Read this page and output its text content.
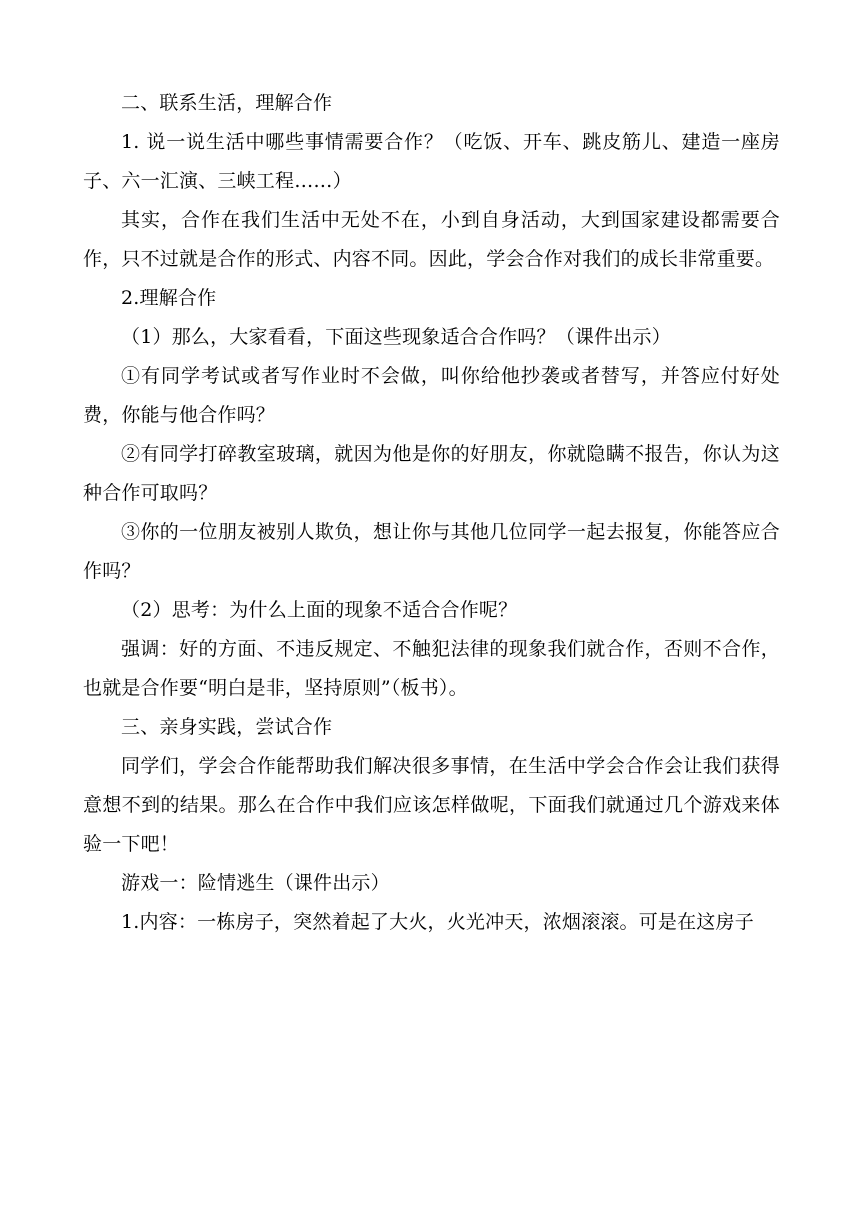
二、联系生活，理解合作

1. 说一说生活中哪些事情需要合作？（吃饭、开车、跳皮筋儿、建造一座房子、六一汇演、三峡工程……）

其实，合作在我们生活中无处不在，小到自身活动，大到国家建设都需要合作，只不过就是合作的形式、内容不同。因此，学会合作对我们的成长非常重要。

2.理解合作

（1）那么，大家看看，下面这些现象适合合作吗？（课件出示）

①有同学考试或者写作业时不会做，叫你给他抄袭或者替写，并答应付好处费，你能与他合作吗？

②有同学打碎教室玻璃，就因为他是你的好朋友，你就隐瞒不报告，你认为这种合作可取吗？

③你的一位朋友被别人欺负，想让你与其他几位同学一起去报复，你能答应合作吗？

（2）思考：为什么上面的现象不适合合作呢？

强调：好的方面、不违反规定、不触犯法律的现象我们就合作，否则不合作，也就是合作要“明白是非，坚持原则”（板书）。

三、亲身实践，尝试合作

同学们，学会合作能帮助我们解决很多事情，在生活中学会合作会让我们获得意想不到的结果。那么在合作中我们应该怎样做呢，下面我们就通过几个游戏来体验一下吧！

游戏一：险情逃生（课件出示）

1.内容：一栋房子，突然着起了大火，火光冲天，浓烟滚滚。可是在这房子
